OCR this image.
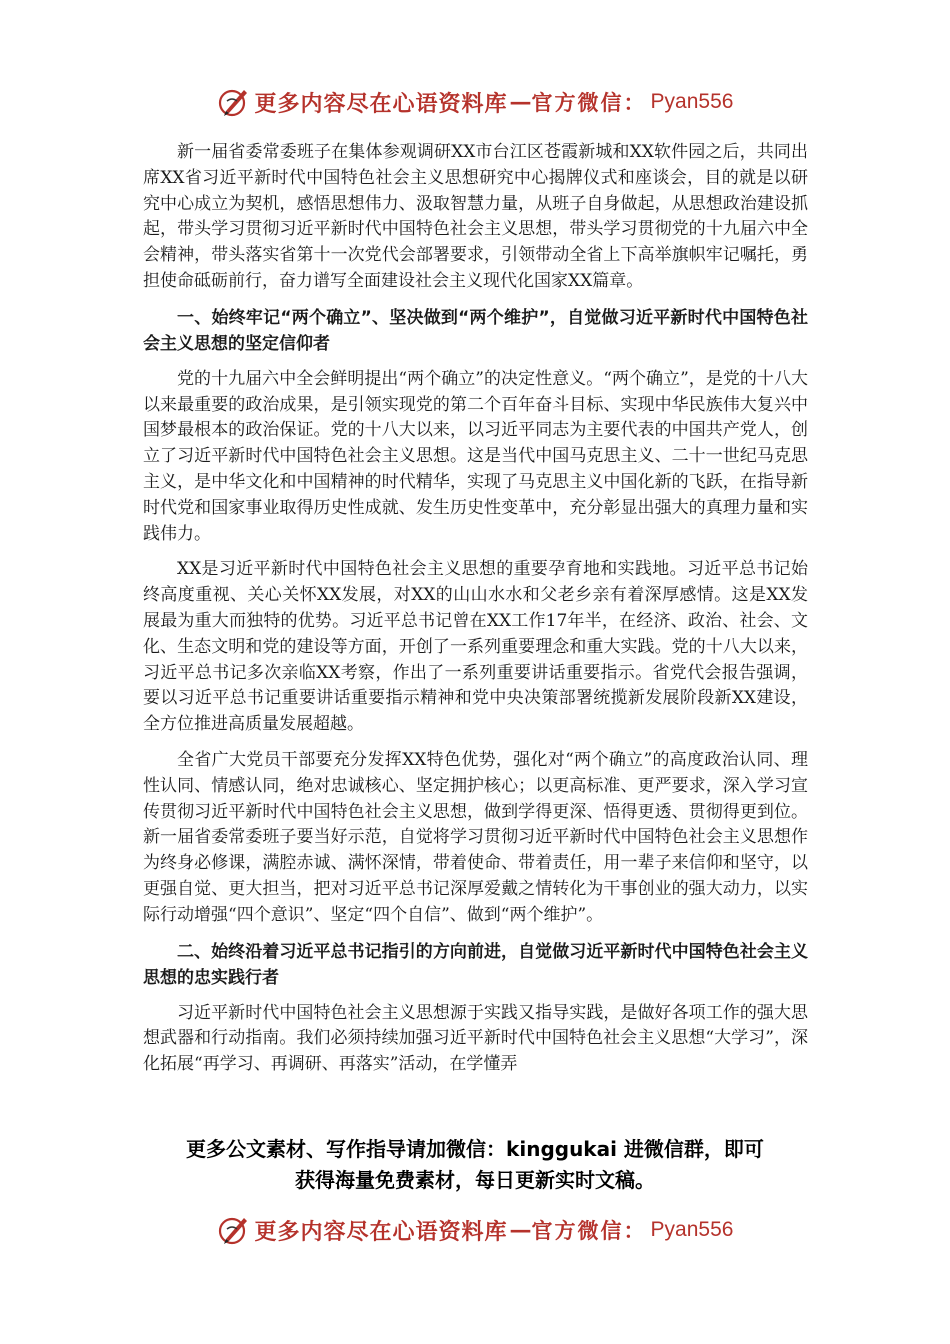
更多内容尽在心语资料库 — 官方微信： Pyan556

新一届省委常委班子在集体参观调研XX市台江区苍霞新城和XX软件园之后，共同出席XX省习近平新时代中国特色社会主义思想研究中心揭牌仪式和座谈会，目的就是以研究中心成立为契机，感悟思想伟力、汲取智慧力量，从班子自身做起，从思想政治建设抓起，带头学习贯彻习近平新时代中国特色社会主义思想，带头学习贯彻党的十九届六中全会精神，带头落实省第十一次党代会部署要求，引领带动全省上下高举旗帜牢记嘱托，勇担使命砥砺前行，奋力谱写全面建设社会主义现代化国家XX篇章。

一、始终牢记“两个确立”、坚决做到“两个维护”，自觉做习近平新时代中国特色社会主义思想的坚定信仰者

党的十九届六中全会鲜明提出“两个确立”的决定性意义。“两个确立”，是党的十八大以来最重要的政治成果，是引领实现党的第二个百年奋斗目标、实现中华民族伟大复兴中国梦最根本的政治保证。党的十八大以来，以习近平同志为主要代表的中国共产党人，创立了习近平新时代中国特色社会主义思想。这是当代中国马克思主义、二十一世纪马克思主义，是中华文化和中国精神的时代精华，实现了马克思主义中国化新的飞跃，在指导新时代党和国家事业取得历史性成就、发生历史性变革中，充分彰显出强大的真理力量和实践伟力。

XX是习近平新时代中国特色社会主义思想的重要孕育地和实践地。习近平总书记始终高度重视、关心关怀XX发展，对XX的山山水水和父老乡亲有着深厚感情。这是XX发展最为重大而独特的优势。习近平总书记曾在XX工作17年半，在经济、政治、社会、文化、生态文明和党的建设等方面，开创了一系列重要理念和重大实践。党的十八大以来，习近平总书记多次亲临XX考察，作出了一系列重要讲话重要指示。省党代会报告强调，要以习近平总书记重要讲话重要指示精神和党中央决策部署统揽新发展阶段新XX建设，全方位推进高质量发展超越。

全省广大党员干部要充分发挥XX特色优势，强化对“两个确立”的高度政治认同、理性认同、情感认同，绝对忠诚核心、坚定拥护核心；以更高标准、更严要求，深入学习宣传贯彻习近平新时代中国特色社会主义思想，做到学得更深、悟得更透、贯彻得更到位。新一届省委常委班子要当好示范，自觉将学习贯彻习近平新时代中国特色社会主义思想作为终身必修课，满腔赤诚、满怀深情，带着使命、带着责任，用一辈子来信仰和坚守，以更强自觉、更大担当，把对习近平总书记深厚爱戴之情转化为干事创业的强大动力，以实际行动增强“四个意识”、坚定“四个自信”、做到“两个维护”。

二、始终沿着习近平总书记指引的方向前进，自觉做习近平新时代中国特色社会主义思想的忠实践行者

习近平新时代中国特色社会主义思想源于实践又指导实践，是做好各项工作的强大思想武器和行动指南。我们必须持续加强习近平新时代中国特色社会主义思想“大学习”，深化拓展“再学习、再调研、再落实”活动，在学懂弄

更多公文素材、写作指导请加微信：kinggukai 进微信群，即可
获得海量免费素材，每日更新实时文稿。
更多内容尽在心语资料库 — 官方微信： Pyan556
